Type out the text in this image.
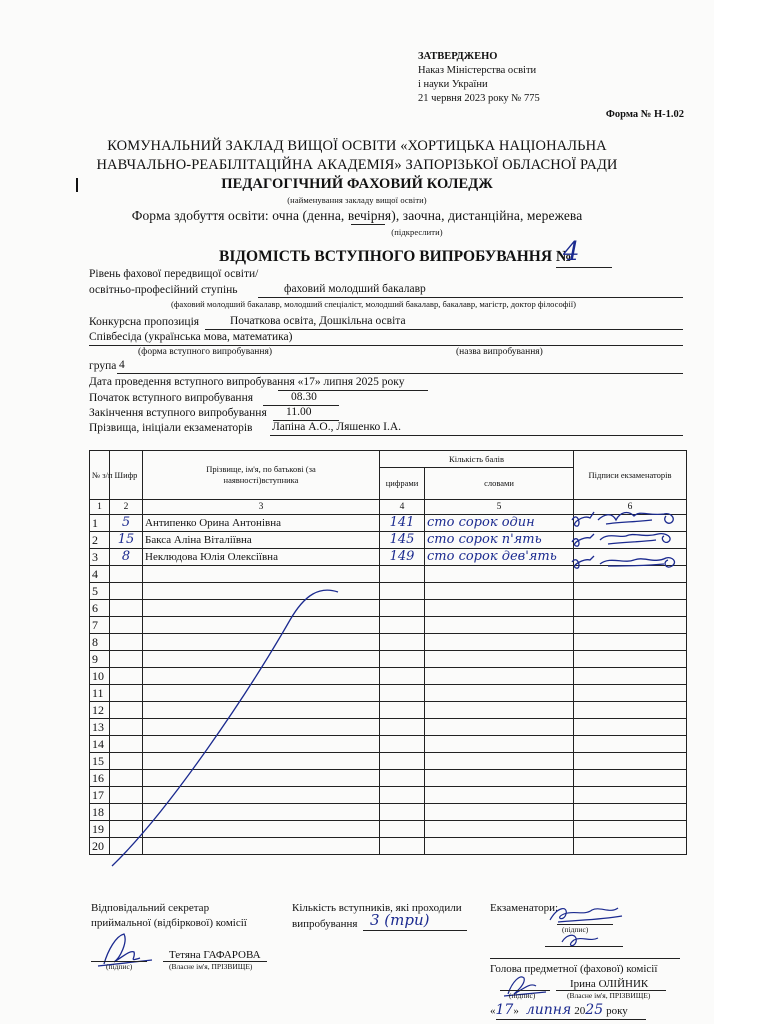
ЗАТВЕРДЖЕНО
Наказ Міністерства освіти
і науки України
21 червня 2023 року № 775
Форма № Н-1.02
КОМУНАЛЬНИЙ ЗАКЛАД ВИЩОЇ ОСВІТИ «ХОРТИЦЬКА НАЦІОНАЛЬНА
НАВЧАЛЬНО-РЕАБІЛІТАЦІЙНА АКАДЕМІЯ» ЗАПОРІЗЬКОЇ ОБЛАСНОЇ РАДИ
ПЕДАГОГІЧНИЙ ФАХОВИЙ КОЛЕДЖ
(найменування закладу вищої освіти)
Форма здобуття освіти: очна (денна, вечірня), заочна, дистанційна, мережева
(підкреслити)
ВІДОМІСТЬ ВСТУПНОГО ВИПРОБУВАННЯ №
4
Рівень фахової передвищої освіти/
освітньо-професійний ступінь	фаховий молодший бакалавр
(фаховий молодший бакалавр, молодший спеціаліст, молодший бакалавр, бакалавр, магістр, доктор філософії)
Конкурсна пропозиція	Початкова освіта, Дошкільна освіта
Співбесіда (українська мова, математика)
(форма вступного випробування)	(назва випробування)
група 4
Дата проведення вступного випробування «17» липня 2025 року
Початок вступного випробування	08.30
Закінчення вступного випробування 11.00
Прізвища, ініціали екзаменаторів Лапіна А.О., Ляшенко І.А.
№ з/п	Шифр	Прізвище, ім'я, по батькові (за наявності)вступника	Кількість балів		Підписи екзаменаторів
			цифрами	словами	
1	2	3	4	5	6
1	5	Антипенко Орина Антонівна	141	сто сорок один	
2	15	Бакса Аліна Віталіївна	145	сто сорок п'ять	
3	8	Неклюдова Юлія Олексіївна	149	сто сорок дев'ять	
4					
5					
6					
7					
8					
9					
10					
11					
12					
13					
14					
15					
16					
17					
18					
19					
20					
Відповідальний секретар
приймальної (відбіркової) комісії
(підпис)
Тетяна ГАФАРОВА
(Власне ім'я, ПРІЗВИЩЕ)
Кількість вступників, які проходили
випробування 3 (три)
Екзаменатори:
(підпис)
Голова предметної (фахової) комісії
(підпис)
Ірина ОЛІЙНИК
(Власне ім'я, ПРІЗВИЩЕ)
«17» липня 2025 року
